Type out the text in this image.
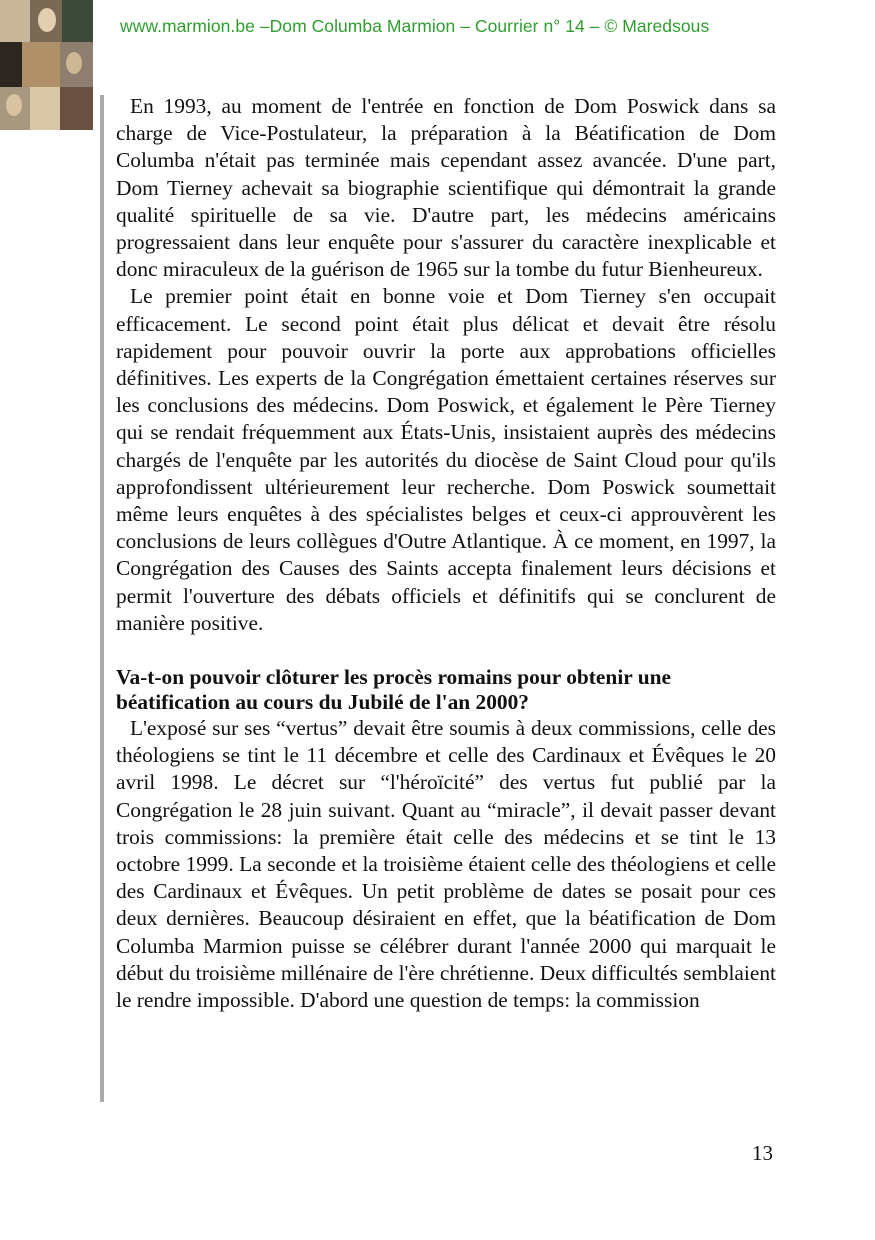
www.marmion.be –Dom Columba Marmion – Courrier n° 14 – © Maredsous

En 1993, au moment de l'entrée en fonction de Dom Poswick dans sa charge de Vice-Postulateur, la préparation à la Béatification de Dom Columba n'était pas terminée mais cependant assez avancée. D'une part, Dom Tierney achevait sa biographie scientifique qui démontrait la grande qualité spirituelle de sa vie. D'autre part, les médecins américains progressaient dans leur enquête pour s'assurer du caractère inexplicable et donc miraculeux de la guérison de 1965 sur la tombe du futur Bienheureux.

Le premier point était en bonne voie et Dom Tierney s'en occupait efficacement. Le second point était plus délicat et devait être résolu rapidement pour pouvoir ouvrir la porte aux approbations officielles définitives. Les experts de la Congrégation émettaient certaines réserves sur les conclusions des médecins. Dom Poswick, et également le Père Tierney qui se rendait fréquemment aux États-Unis, insistaient auprès des médecins chargés de l'enquête par les autorités du diocèse de Saint Cloud pour qu'ils approfondissent ultérieurement leur recherche. Dom Poswick soumettait même leurs enquêtes à des spécialistes belges et ceux-ci approuvèrent les conclusions de leurs collègues d'Outre Atlantique. À ce moment, en 1997, la Congrégation des Causes des Saints accepta finalement leurs décisions et permit l'ouverture des débats officiels et définitifs qui se conclurent de manière positive.

Va-t-on pouvoir clôturer les procès romains pour obtenir une béatification au cours du Jubilé de l'an 2000?

L'exposé sur ses “vertus” devait être soumis à deux commissions, celle des théologiens se tint le 11 décembre et celle des Cardinaux et Évêques le 20 avril 1998. Le décret sur “l'héroïcité” des vertus fut publié par la Congrégation le 28 juin suivant. Quant au “miracle”, il devait passer devant trois commissions: la première était celle des médecins et se tint le 13 octobre 1999. La seconde et la troisième étaient celle des théologiens et celle des Cardinaux et Évêques. Un petit problème de dates se posait pour ces deux dernières. Beaucoup désiraient en effet, que la béatification de Dom Columba Marmion puisse se célébrer durant l'année 2000 qui marquait le début du troisième millénaire de l'ère chrétienne. Deux difficultés semblaient le rendre impossible. D'abord une question de temps: la commission

13
